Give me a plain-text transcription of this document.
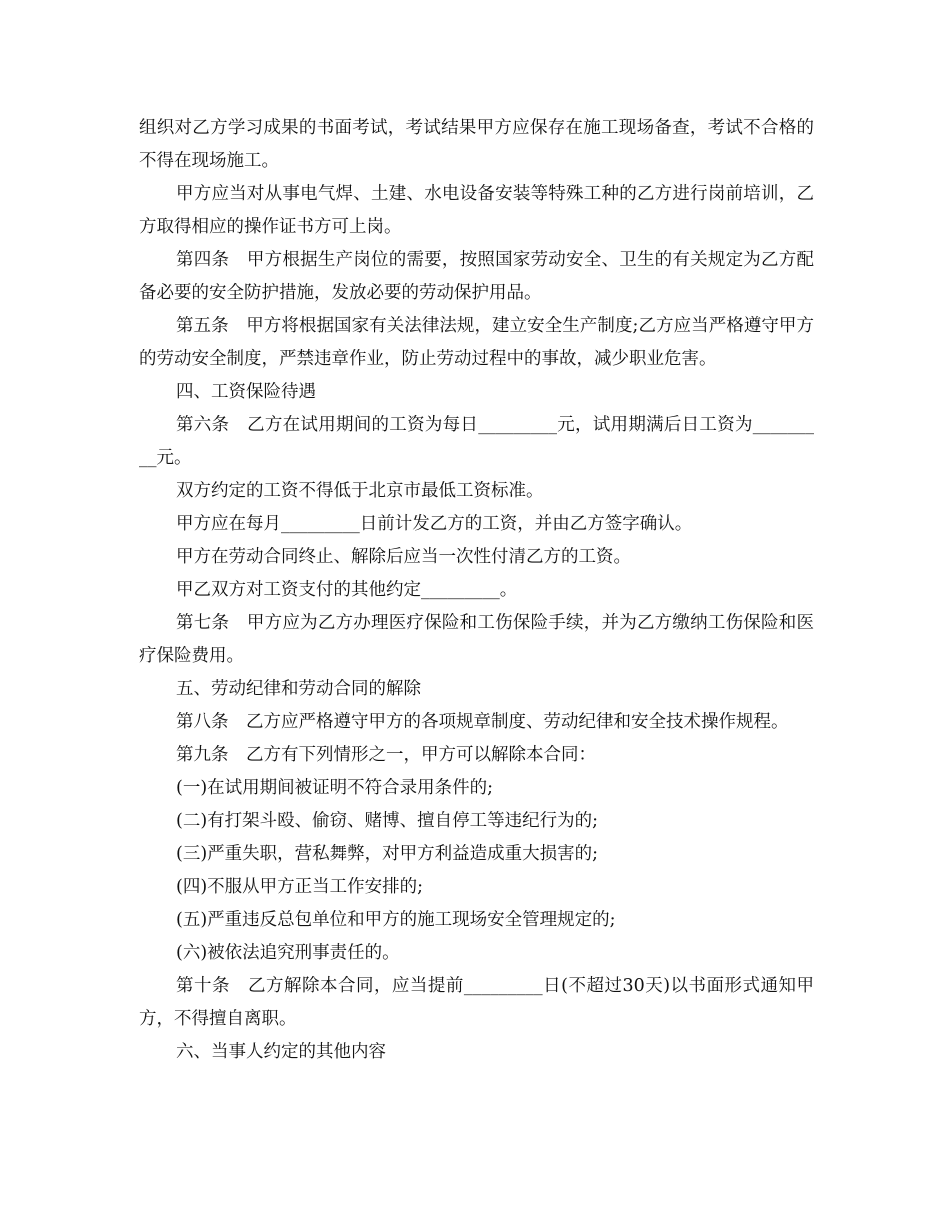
组织对乙方学习成果的书面考试，考试结果甲方应保存在施工现场备查，考试不合格的不得在现场施工。

甲方应当对从事电气焊、土建、水电设备安装等特殊工种的乙方进行岗前培训，乙方取得相应的操作证书方可上岗。

第四条　甲方根据生产岗位的需要，按照国家劳动安全、卫生的有关规定为乙方配备必要的安全防护措施，发放必要的劳动保护用品。

第五条　甲方将根据国家有关法律法规，建立安全生产制度;乙方应当严格遵守甲方的劳动安全制度，严禁违章作业，防止劳动过程中的事故，减少职业危害。

四、工资保险待遇

第六条　乙方在试用期间的工资为每日_________元，试用期满后日工资为_________元。

双方约定的工资不得低于北京市最低工资标准。

甲方应在每月_________日前计发乙方的工资，并由乙方签字确认。

甲方在劳动合同终止、解除后应当一次性付清乙方的工资。

甲乙双方对工资支付的其他约定_________。

第七条　甲方应为乙方办理医疗保险和工伤保险手续，并为乙方缴纳工伤保险和医疗保险费用。

五、劳动纪律和劳动合同的解除

第八条　乙方应严格遵守甲方的各项规章制度、劳动纪律和安全技术操作规程。

第九条　乙方有下列情形之一，甲方可以解除本合同：

(一)在试用期间被证明不符合录用条件的;

(二)有打架斗殴、偷窃、赌博、擅自停工等违纪行为的;

(三)严重失职，营私舞弊，对甲方利益造成重大损害的;

(四)不服从甲方正当工作安排的;

(五)严重违反总包单位和甲方的施工现场安全管理规定的;

(六)被依法追究刑事责任的。

第十条　乙方解除本合同，应当提前_________日(不超过30天)以书面形式通知甲方，不得擅自离职。

六、当事人约定的其他内容
